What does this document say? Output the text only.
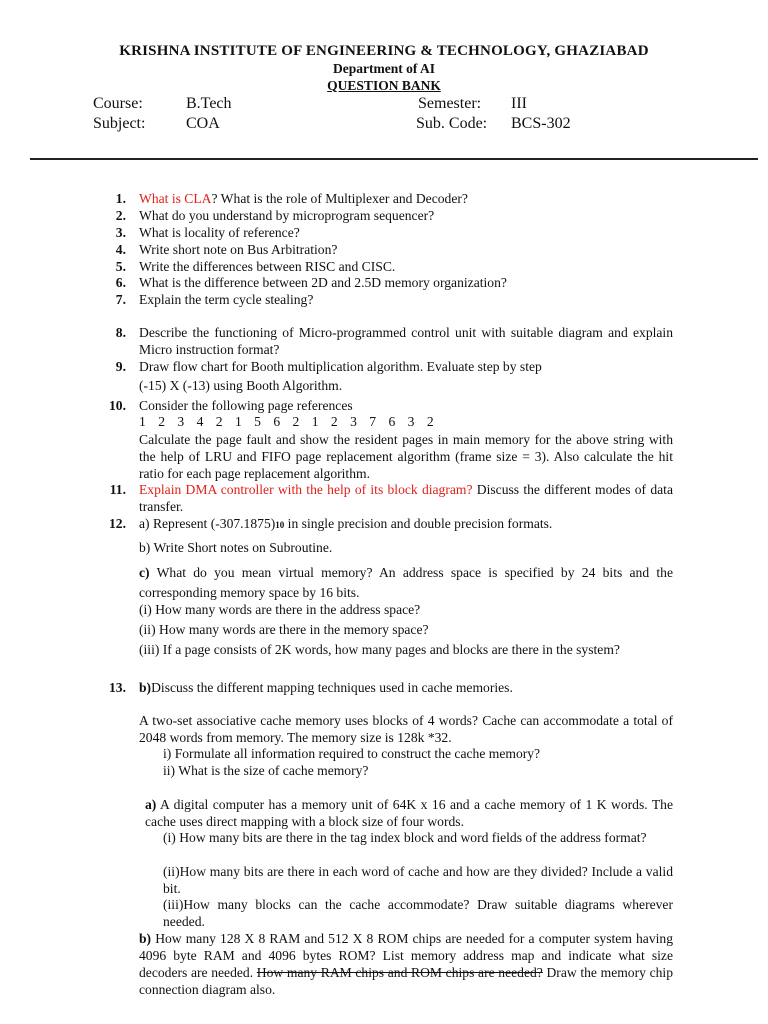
KRISHNA INSTITUTE OF ENGINEERING & TECHNOLOGY, GHAZIABAD
Department of AI
QUESTION BANK
Course:	B.Tech	Semester: III
Subject:	COA	Sub. Code: BCS-302
1. What is CLA? What is the role of Multiplexer and Decoder?
2. What do you understand by microprogram sequencer?
3. What is locality of reference?
4. Write short note on Bus Arbitration?
5. Write the differences between RISC and CISC.
6. What is the difference between 2D and 2.5D memory organization?
7. Explain the term cycle stealing?
8. Describe the functioning of Micro-programmed control unit with suitable diagram and explain Micro instruction format?
9. Draw flow chart for Booth multiplication algorithm. Evaluate step by step
(-15) X (-13) using Booth Algorithm.
10. Consider the following page references
1 2 3 4 2 1 5 6 2 1 2 3 7 6 3 2
Calculate the page fault and show the resident pages in main memory for the above string with the help of LRU and FIFO page replacement algorithm (frame size = 3). Also calculate the hit ratio for each page replacement algorithm.
11. Explain DMA controller with the help of its block diagram? Discuss the different modes of data transfer.
12. a) Represent (-307.1875)10 in single precision and double precision formats.
b) Write Short notes on Subroutine.
c) What do you mean virtual memory? An address space is specified by 24 bits and the corresponding memory space by 16 bits.
(i) How many words are there in the address space?
(ii) How many words are there in the memory space?
(iii) If a page consists of 2K words, how many pages and blocks are there in the system?
13. b)Discuss the different mapping techniques used in cache memories.
A two-set associative cache memory uses blocks of 4 words? Cache can accommodate a total of 2048 words from memory. The memory size is 128k *32.
i) Formulate all information required to construct the cache memory?
ii) What is the size of cache memory?
a) A digital computer has a memory unit of 64K x 16 and a cache memory of 1 K words. The cache uses direct mapping with a block size of four words.
(i) How many bits are there in the tag index block and word fields of the address format?
(ii)How many bits are there in each word of cache and how are they divided? Include a valid bit.
(iii)How many blocks can the cache accommodate? Draw suitable diagrams wherever needed.
b) How many 128 X 8 RAM and 512 X 8 ROM chips are needed for a computer system having 4096 byte RAM and 4096 bytes ROM? List memory address map and indicate what size decoders are needed. How many RAM chips and ROM chips are needed? Draw the memory chip connection diagram also.
